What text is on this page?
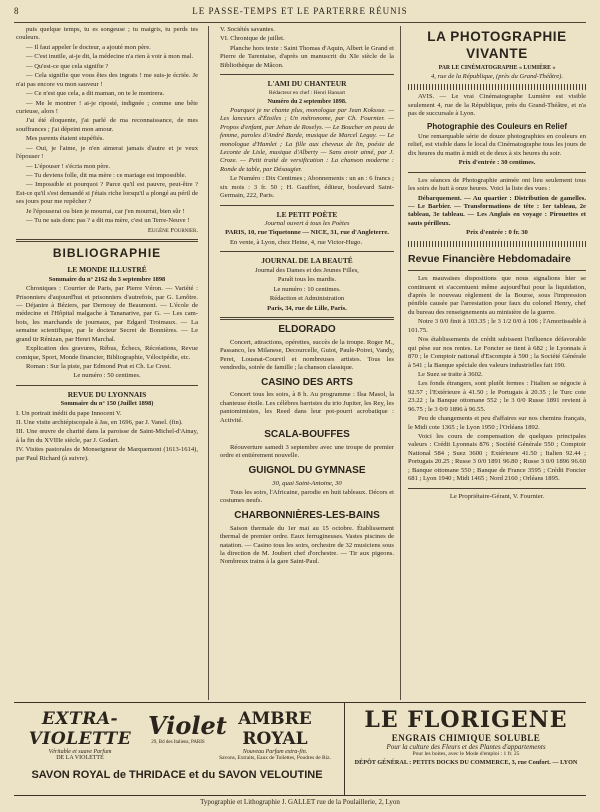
8	LE PASSE-TEMPS ET LE PARTERRE RÉUNIS

puis quelque temps, tu es songeuse ; tu maigris, tu perds tes couleurs.

— Il faut appeler le docteur, a ajouté mon père.

— C'est inutile, ai-je dit, la médecine n'a rien à voir à mon mal.

— Qu'est-ce que cela signifie ?

— Cela signifie que vous êtes des ingrats ! me suis-je écriée. Je n'ai pas encore vu mon sauveur !

— Ce n'est que cela, a dit maman, on te le montrera.

— Me le montrer ! ai-je riposté, indignée ; comme une bête curieuse, alors !

J'ai été éloquente, j'ai parlé de ma reconnaissance, de mes souffrances ; j'ai dépeint mon amour.

Mes parents étaient stupéfiés.

— Oui, je l'aime, je n'en aimerai jamais d'autre et je veux l'épouser !

— L'épouser ! s'écria mon père.

— Tu deviens folle, dit ma mère : ce mariage est impossible.

— Impossible et pourquoi ? Parce qu'il est pauvre, peut-être ? Est-ce qu'il s'est demandé si j'étais riche lorsqu'il a plongé au péril de ses jours pour me repêcher ?

Je l'épouserai ou bien je mourrai, car j'en mourrai, bien sûr !

— Tu ne sais donc pas ? a dit ma mère, c'est un Terre-Neuve !

Eugène Fournier.

BIBLIOGRAPHIE
LE MONDE ILLUSTRÉ

Sommaire du n° 2162 du 3 septembre 1898

Chroniques : Courrier de Paris, par Pierre Véron. — Variété : Prisonniers d'aujourd'hui et prisonniers d'autrefois, par G. Lenôtre. — Déjanire à Béziers, par Dernouy de Beaumont. — L'école de médecine et l'Hôpital malgache à Tananarive, par G. — Les cam-bots, les marchands de journaux, par Edgard Troimaux. — La semaine scientifique, par le docteur Secret de Bonnières. — Le grand tir Rénizan, par Henri Marchal.

Explication des gravures, Rébus, Échecs, Récréations, Revue comique, Sport, Monde financier, Bibliographie, Vélocipédie, etc.

Roman : Sur la piste, par Edmond Prat et Ch. Le Crest.

Le numéro : 50 centimes.

REVUE DU LYONNAIS

Sommaire du n° 150 (Juillet 1898)

I. Un portrait inédit du pape Innocent V.

II. Une visite archiépiscopale à Jas, en 1696, par J. Vanel. (fin).

III. Une œuvre de charité dans la paroisse de Saint-Michel-d'Ainay, à la fin du XVIIIe siècle, par J. Godart.

IV. Visites pastorales de Monseigneur de Marquemont (1613-1614), par Paul Richard (à suivre).

V. Sociétés savantes.

VI. Chronique de juillet.

Planche hors texte : Saint Thomas d'Aquin, Albert le Grand et Pierre de Tarentaise, d'après un manuscrit du XIe siècle de la Bibliothèque de Mâcon.

L'AMI DU CHANTEUR

Rédacteur en chef : Henri Hansart

Numéro du 2 septembre 1898.

Pourquoi je ne chante plus, monologue par Jean Kokssse. — Les lanceurs d'Étoiles ; Un métronome, par Ch. Fournier. — Propos d'enfant, par Jehan de Roselys. — Le Boucher en peau de femme, paroles d'André Barde, musique de Marcel Legay. — Le monologue d'Hamlet ; La fille aux cheveux de lin, poésie de Leconte de Lisle, musique d'Alberty — Sans avoir aimé, par J. Croze. — Petit traité de versification : La chanson moderne : Ronde de table, par Désaugier.

Le Numéro : Dix Centimes ; Abonnements : un an : 6 francs ; six mois : 3 fr. 50 ; H. Gauffret, éditeur, boulevard Saint-Germain, 222, Paris.

LE PETIT POÈTE

Journal ouvert à tous les Poètes

PARIS, 10, rue Tiquetonne — NICE, 31, rue d'Angleterre.

En vente, à Lyon, chez Heine, 4, rue Victor-Hugo.

JOURNAL DE LA BEAUTÉ

Journal des Dames et des Jeunes Filles,

Paraît tous les mardis.

Le numéro : 10 centimes.

Rédaction et Administration

Paris, 34, rue de Lille, Paris.

ELDORADO

Concert, attractions, opérettes, succès de la troupe. Roger M., Passanco, les Milanese, Decourcelle, Guiot, Paule-Poiret, Vandy, Peret, Lousnat-Courvil et nombreuses artistes. Tous les vendredis, soirée de famille ; la chanson classique.

CASINO DES ARTS

Concert tous les soirs, à 8 h. Au programme : Ilsa Masol, la chanteuse étoile. Les célèbres barristes du trio Jupiter, les Rey, les pantomimistes, les Reed dans leur pot-pourri acrobatique : Activité.

SCALA-BOUFFES

Réouverture samedi 3 septembre avec une troupe de premier ordre et entièrement nouvelle.

GUIGNOL DU GYMNASE

30, quai Saint-Antoine, 30

Tous les soirs, l'Africaine, parodie en huit tableaux. Décors et costumes neufs.

CHARBONNIÈRES-LES-BAINS

Saison thermale du 1er mai au 15 octobre. Établissement thermal de premier ordre. Eaux ferrugineuses. Vastes piscines de natation. — Casino tous les soirs, orchestre de 32 musiciens sous la direction de M. Joubert chef d'orchestre. — Tir aux pigeons. Nombreux trains à la gare Saint-Paul.

LA PHOTOGRAPHIE VIVANTE

PAR LE CINÉMATOGRAPHE « LUMIÈRE »

4, rue de la République, (près du Grand-Théâtre).

AVIS. — Le vrai Cinématographe Lumière est visible seulement 4, rue de la République, près du Grand-Théâtre, et n'a pas de succursale à Lyon.

Photographie des Couleurs en Relief

Une remarquable série de douze photographies en couleurs en relief, est visible dans le local du Cinématographe tous les jours de dix heures du matin à midi et de deux à six heures du soir.

Prix d'entrée : 30 centimes.

Les séances de Photographie animée ont lieu seulement tous les soirs de huit à onze heures. Voici la liste des vues :

Débarquement. — Au quartier : Distribution de gamelles. — Le Barbier. — Transformations de tête : 1er tableau, 2e tableau, 3e tableau. — Les Anglais en voyage : Pirouettes et sauts périlleux.

Prix d'entrée : 0 fr. 30

Revue Financière Hebdomadaire

Les mauvaises dispositions que nous signalions hier se continuent et s'accentuent même aujourd'hui pour la liquidation, d'après le nouveau règlement de la Bourse, sous l'impression pénible causée par l'arrestation pour faux du colonel Henry, chef du bureau des renseignements au ministère de la guerre.

Notre 3 0/0 finit à 103.35 ; le 3 1/2 0/0 à 106 ; l'Amortissable à 101.75.

Nos établissements de crédit subissent l'influence défavorable qui pèse sur nos rentes. Le Foncier se tient à 682 ; le Lyonnais à 870 ; le Comptoir national d'Escompte à 590 ; la Société Générale à 541 ; la Banque spéciale des valeurs industrielles fait 190.

Le Suez se traite à 3602.

Les fonds étrangers, sont plutôt fermes : l'italien se négocie à 92.57 ; l'Extérieure à 41.50 ; le Portugais à 20.35 ; le Turc cote 23.22 ; la Banque ottomane 552 ; le 3 0/0 Russe 1891 revient à 96.75 ; le 3 0/0 1896 à 96.55.

Peu de changements et peu d'affaires sur nos chemins français, le Midi cote 1365 ; le Lyon 1950 ; l'Orléans 1892.

Voici les cours de compensation de quelques principales valeurs : Crédit Lyonnais 876 ; Société Générale 550 ; Comptoir National 584 ; Suez 3600 ; Extérieure 41.50 ; Italien 92.44 ; Portugais 20.25 ; Russe 3 0/0 1891 96.80 ; Russe 3 0/0 1896 96.60 ; Banque ottomane 550 ; Banque de France 3595 ; Crédit Foncier 681 ; Lyon 1940 ; Midi 1465 ; Nord 2160 ; Orléans 1895.

Le Propriétaire-Gérant, V. Fournier.

EXTRA-VIOLETTE
Véritable et suave Parfum
DE LA VIOLETTE
Violet
29, Bd des Italiens, PARIS
AMBRE ROYAL
Nouveau Parfum extra-fin.
Savons, Extraits, Eaux de Toilettes, Poudres de Riz.
SAVON ROYAL de THRIDACE et du SAVON VELOUTINE
LE FLORIGENE
ENGRAIS CHIMIQUE SOLUBLE
Pour la culture des Fleurs et des Plantes d'appartements
Pour les boites, avec le Mode d'emploi : 1 fr. 25
DÉPÔT GÉNÉRAL : PETITS DOCKS DU COMMERCE, 3, rue Confort. — LYON
Typographie et Lithographie J. GALLET rue de la Poulaillerie, 2, Lyon
